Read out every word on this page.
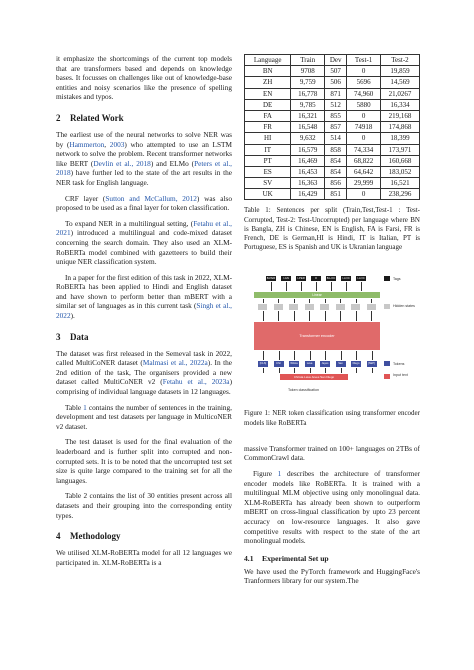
it emphasize the shortcomings of the current top models that are transformers based and depends on knowledge bases. It focusses on challenges like out of knowledge-base entities and noisy scenarios like the presence of spelling mistakes and typos.

2 Related Work

The earliest use of the neural networks to solve NER was by (Hammerton, 2003) who attempted to use an LSTM network to solve the problem. Recent transformer networks like BERT (Devlin et al., 2018) and ELMo (Peters et al., 2018) have further led to the state of the art results in the NER task for English language.

CRF layer (Sutton and McCallum, 2012) was also proposed to be used as a final layer for token classification.

To expand NER in a multilingual setting, (Fetahu et al., 2021) introduced a multilingual and code-mixed dataset concerning the search domain. They also used an XLM-RoBERTa model combined with gazetteers to build their unique NER classification system.

In a paper for the first edition of this task in 2022, XLM-RoBERTa has been applied to Hindi and English dataset and have shown to perform better than mBERT with a similar set of languages as in this current task (Singh et al., 2022).

3 Data

The dataset was first released in the Semeval task in 2022, called MultiCoNER dataset (Malmasi et al., 2022a). In the 2nd edition of the task, The organisers provided a new dataset called MultiCoNER v2 (Fetahu et al., 2023a) comprising of individual language datasets in 12 languages.

Table 1 contains the number of sentences in the training, development and test datasets per language in MulticoNER v2 dataset.

The test dataset is used for the final evaluation of the leaderboard and is further split into corrupted and non-corrupted sets. It is to be noted that the uncorrupted test set size is quite large compared to the training set for all the languages.

Table 2 contains the list of 30 entities present across all datasets and their grouping into the corresponding entity types.

4 Methodology

We utilised XLM-RoBERTa model for all 12 languages we participated in. XLM-RoBERTa is a

Language	Train	Dev	Test-1	Test-2
BN	9708	507	0	19,859
ZH	9,759	506	5696	14,569
EN	16,778	871	74,960	21,0267
DE	9,785	512	5880	16,334
FA	16,321	855	0	219,168
FR	16,548	857	74918	174,868
HI	9,632	514	0	18,399
IT	16,579	858	74,334	173,971
PT	16,469	854	68,822	160,668
ES	16,453	854	64,642	183,052
SV	16,363	856	29,999	16,521
UK	16,429	851	0	238,296

Table 1: Sentences per split (Train,Test,Test-1 : Test-Corrupted, Test-2: Test-Uncorrupted) per language where BN is Bangla, ZH is Chinese, EN is English, FA is Farsi, FR is French, DE is German,HI is Hindi, IT is Italian, PT is Portuguese, ES is Spanish and UK is Ukranian language

B-PER	I-GN	I-PER	O	B-LOC	I-LOC	I-LOC	Tags
Linear
Hidden states
Transformer encoder
[CLS]	Chri	Wrista	Lava	Jayes	San	Diego	[SEP]	Tokens
Christa Lava Jeves San Diego	Input text
Token classification

Figure 1: NER token classification using transformer encoder models like RoBERTa

massive Transformer trained on 100+ languages on 2TBs of CommonCrawl data.

Figure 1 describes the architecture of transformer encoder models like RoBERTa. It is trained with a multilingual MLM objective using only monolingual data. XLM-RoBERTa has already been shown to outperform mBERT on cross-lingual classification by upto 23 percent accuracy on low-resource languages. It also gave competitive results with respect to the state of the art monolingual models.

4.1 Experimental Set up

We have used the PyTorch framework and HuggingFace's Tranformers library for our system.The
